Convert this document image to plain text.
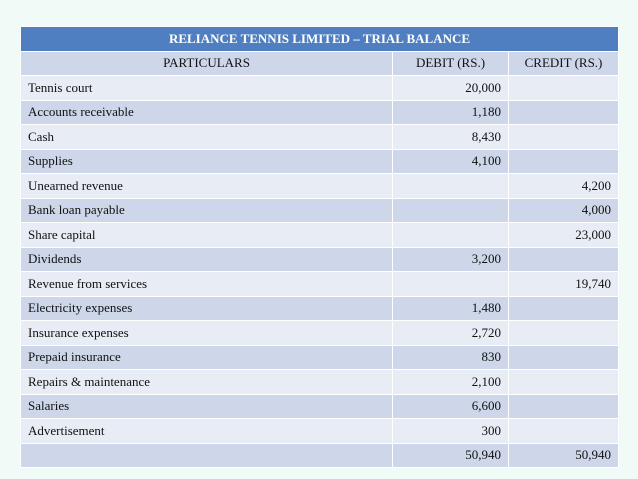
RELIANCE TENNIS LIMITED – TRIAL BALANCE		
PARTICULARS	DEBIT (RS.)	CREDIT (RS.)
Tennis court	20,000	
Accounts receivable	1,180	
Cash	8,430	
Supplies	4,100	
Unearned revenue		4,200
Bank loan payable		4,000
Share capital		23,000
Dividends	3,200	
Revenue from services		19,740
Electricity expenses	1,480	
Insurance expenses	2,720	
Prepaid insurance	830	
Repairs & maintenance	2,100	
Salaries	6,600	
Advertisement	300	
	50,940	50,940
